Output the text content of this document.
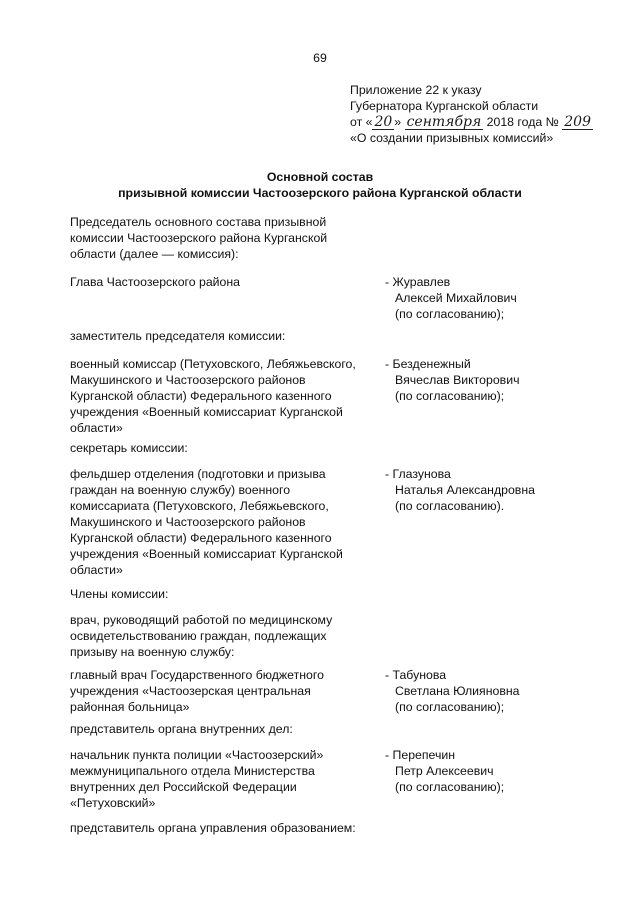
69
Приложение 22 к указу
Губернатора Курганской области
от « 20 » сентября 2018 года № 209
«О создании призывных комиссий»
Основной состав
призывной комиссии Частоозерского района Курганской области
Председатель основного состава призывной
комиссии Частоозерского района Курганской
области (далее — комиссия):
Глава Частоозерского района	- Журавлев
Алексей Михайлович
(по согласованию);
заместитель председателя комиссии:
военный комиссар (Петуховского, Лебяжьевского,
Макушинского и Частоозерского районов
Курганской области) Федерального казенного
учреждения «Военный комиссариат Курганской
области»
- Безденежный
Вячеслав Викторович
(по согласованию);
секретарь комиссии:
фельдшер отделения (подготовки и призыва
граждан на военную службу) военного
комиссариата (Петуховского, Лебяжьевского,
Макушинского и Частоозерского районов
Курганской области) Федерального казенного
учреждения «Военный комиссариат Курганской
области»
- Глазунова
Наталья Александровна
(по согласованию).
Члены комиссии:
врач, руководящий работой по медицинскому
освидетельствованию граждан, подлежащих
призыву на военную службу:
главный врач Государственного бюджетного
учреждения «Частоозерская центральная
районная больница»
- Табунова
Светлана Юлияновна
(по согласованию);
представитель органа внутренних дел:
начальник пункта полиции «Частоозерский»
межмуниципального отдела Министерства
внутренних дел Российской Федерации
«Петуховский»
- Перепечин
Петр Алексеевич
(по согласованию);
представитель органа управления образованием:
